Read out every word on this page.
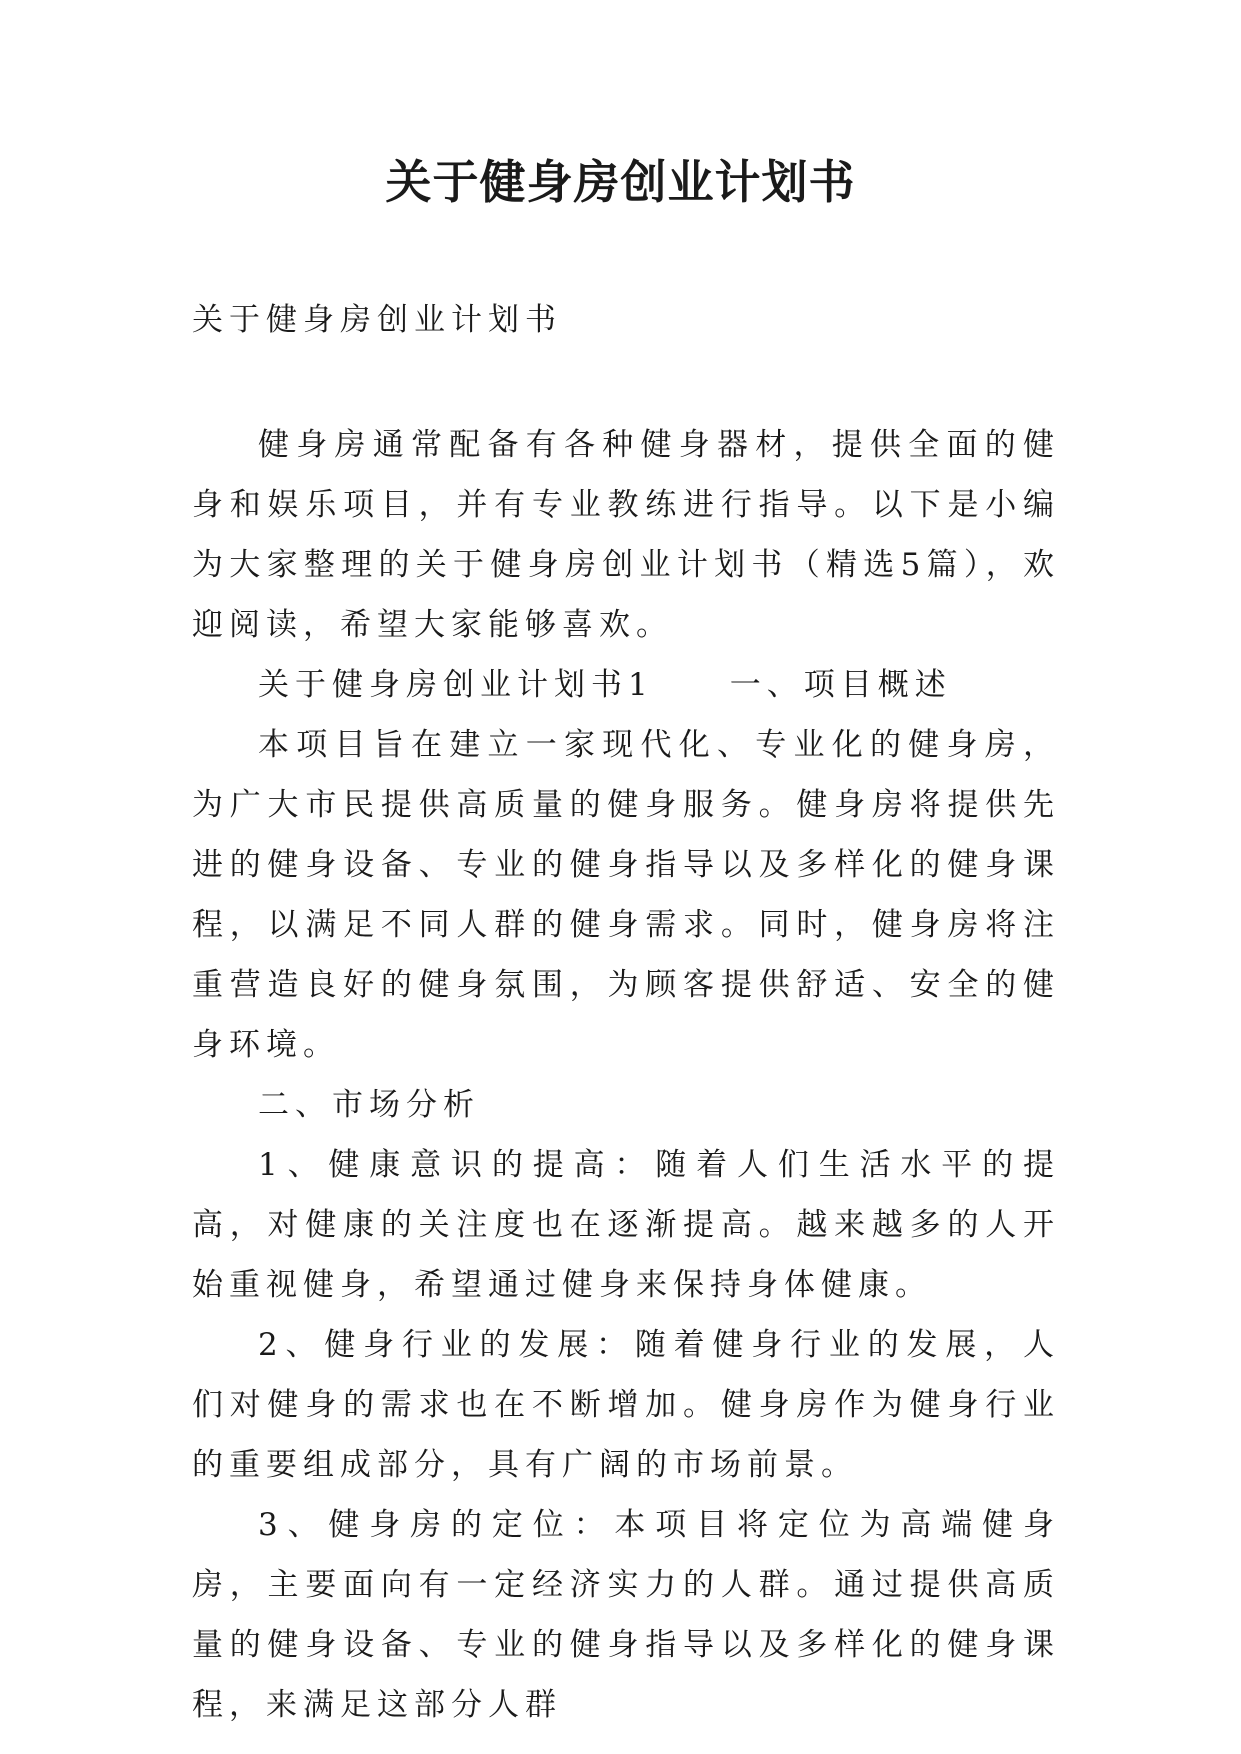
关于健身房创业计划书

关于健身房创业计划书

健身房通常配备有各种健身器材，提供全面的健身和娱乐项目，并有专业教练进行指导。以下是小编为大家整理的关于健身房创业计划书（精选5篇），欢迎阅读，希望大家能够喜欢。

关于健身房创业计划书1 一、项目概述

本项目旨在建立一家现代化、专业化的健身房，为广大市民提供高质量的健身服务。健身房将提供先进的健身设备、专业的健身指导以及多样化的健身课程，以满足不同人群的健身需求。同时，健身房将注重营造良好的健身氛围，为顾客提供舒适、安全的健身环境。

二、市场分析

1、健康意识的提高：随着人们生活水平的提高，对健康的关注度也在逐渐提高。越来越多的人开始重视健身，希望通过健身来保持身体健康。

2、健身行业的发展：随着健身行业的发展，人们对健身的需求也在不断增加。健身房作为健身行业的重要组成部分，具有广阔的市场前景。

3、健身房的定位：本项目将定位为高端健身房，主要面向有一定经济实力的人群。通过提供高质量的健身设备、专业的健身指导以及多样化的健身课程，来满足这部分人群
